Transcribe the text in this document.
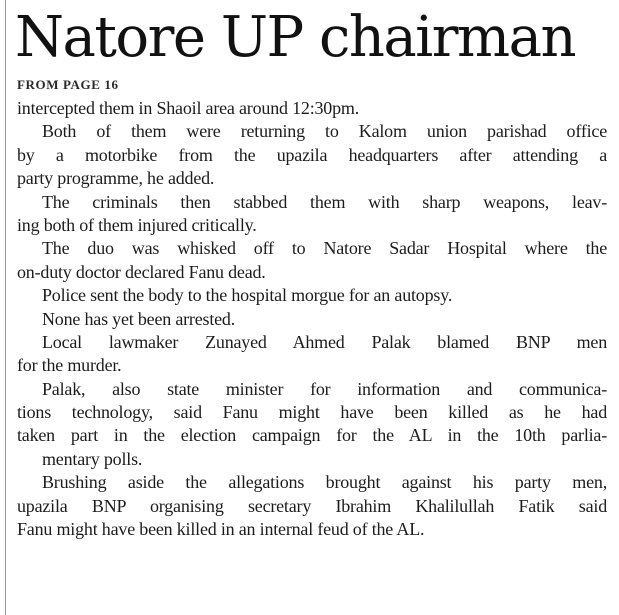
Natore UP chairman
FROM PAGE 16
intercepted them in Shaoil area around 12:30pm.
Both of them were returning to Kalom union parishad office
by a motorbike from the upazila headquarters after attending a
party programme, he added.
The criminals then stabbed them with sharp weapons, leav-
ing both of them injured critically.
The duo was whisked off to Natore Sadar Hospital where the
on-duty doctor declared Fanu dead.
Police sent the body to the hospital morgue for an autopsy.
None has yet been arrested.
Local lawmaker Zunayed Ahmed Palak blamed BNP men
for the murder.
Palak, also state minister for information and communica-
tions technology, said Fanu might have been killed as he had
taken part in the election campaign for the AL in the 10th parlia-
mentary polls.
Brushing aside the allegations brought against his party men,
upazila BNP organising secretary Ibrahim Khalilullah Fatik said
Fanu might have been killed in an internal feud of the AL.
